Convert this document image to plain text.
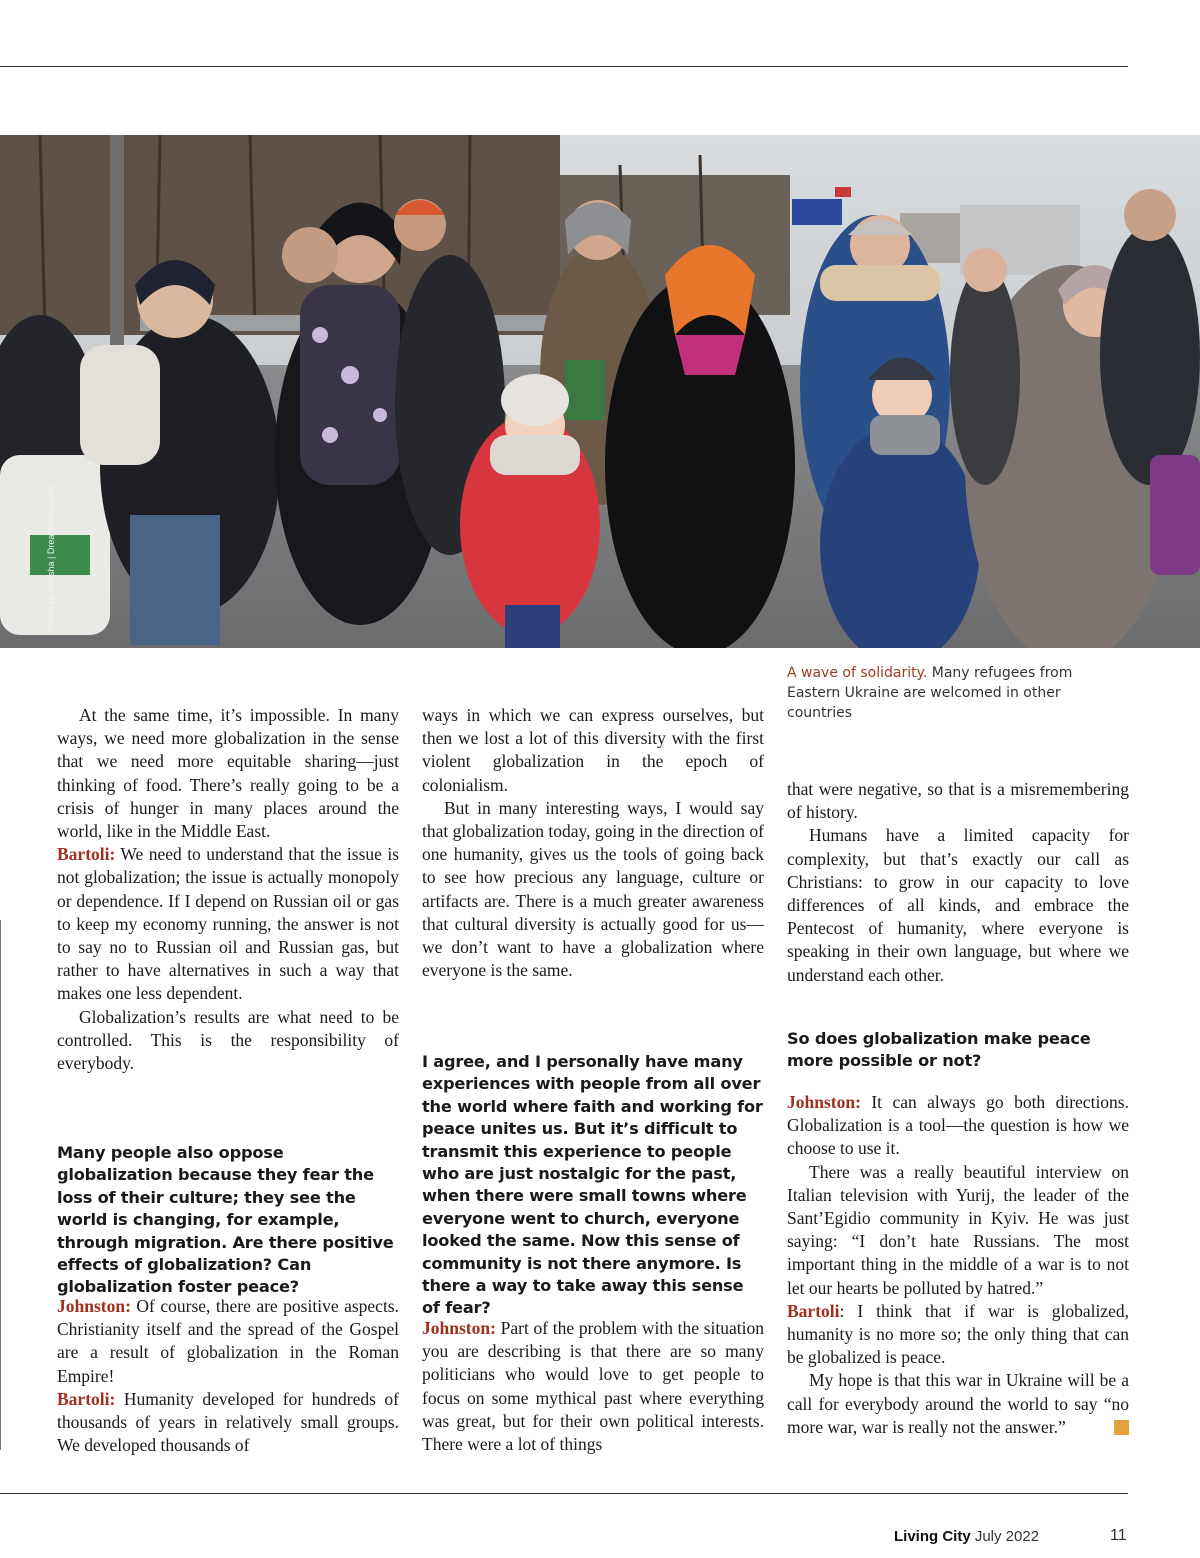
Photo by Pahsha | Dreamstime.com
A wave of solidarity. Many refugees from Eastern Ukraine are welcomed in other countries

At the same time, it’s impossible. In many ways, we need more globalization in the sense that we need more equitable sharing—just thinking of food. There’s really going to be a crisis of hunger in many places around the world, like in the Middle East.

Bartoli: We need to understand that the issue is not globalization; the issue is actually monopoly or dependence. If I depend on Russian oil or gas to keep my economy running, the answer is not to say no to Russian oil and Russian gas, but rather to have alternatives in such a way that makes one less dependent.

Globalization’s results are what need to be controlled. This is the responsibility of everybody.

Many people also oppose globalization because they fear the loss of their culture; they see the world is changing, for example, through migration. Are there positive effects of globalization? Can globalization foster peace?

Johnston: Of course, there are positive aspects. Christianity itself and the spread of the Gospel are a result of globalization in the Roman Empire!

Bartoli: Humanity developed for hundreds of thousands of years in relatively small groups. We developed thousands of

ways in which we can express ourselves, but then we lost a lot of this diversity with the first violent globalization in the epoch of colonialism.

But in many interesting ways, I would say that globalization today, going in the direction of one humanity, gives us the tools of going back to see how precious any language, culture or artifacts are. There is a much greater awareness that cultural diversity is actually good for us—we don’t want to have a globalization where everyone is the same.

I agree, and I personally have many experiences with people from all over the world where faith and working for peace unites us. But it’s difficult to transmit this experience to people who are just nostalgic for the past, when there were small towns where everyone went to church, everyone looked the same. Now this sense of community is not there anymore. Is there a way to take away this sense of fear?

Johnston: Part of the problem with the situation you are describing is that there are so many politicians who would love to get people to focus on some mythical past where everything was great, but for their own political interests. There were a lot of things

that were negative, so that is a misremembering of history.

Humans have a limited capacity for complexity, but that’s exactly our call as Christians: to grow in our capacity to love differences of all kinds, and embrace the Pentecost of humanity, where everyone is speaking in their own language, but where we understand each other.

So does globalization make peace more possible or not?

Johnston: It can always go both directions. Globalization is a tool—the question is how we choose to use it.

There was a really beautiful interview on Italian television with Yurij, the leader of the Sant’Egidio community in Kyiv. He was just saying: “I don’t hate Russians. The most important thing in the middle of a war is to not let our hearts be polluted by hatred.”

Bartoli: I think that if war is globalized, humanity is no more so; the only thing that can be globalized is peace.

My hope is that this war in Ukraine will be a call for everybody around the world to say “no more war, war is really not the answer.”	LC

Living City July 2022	11
